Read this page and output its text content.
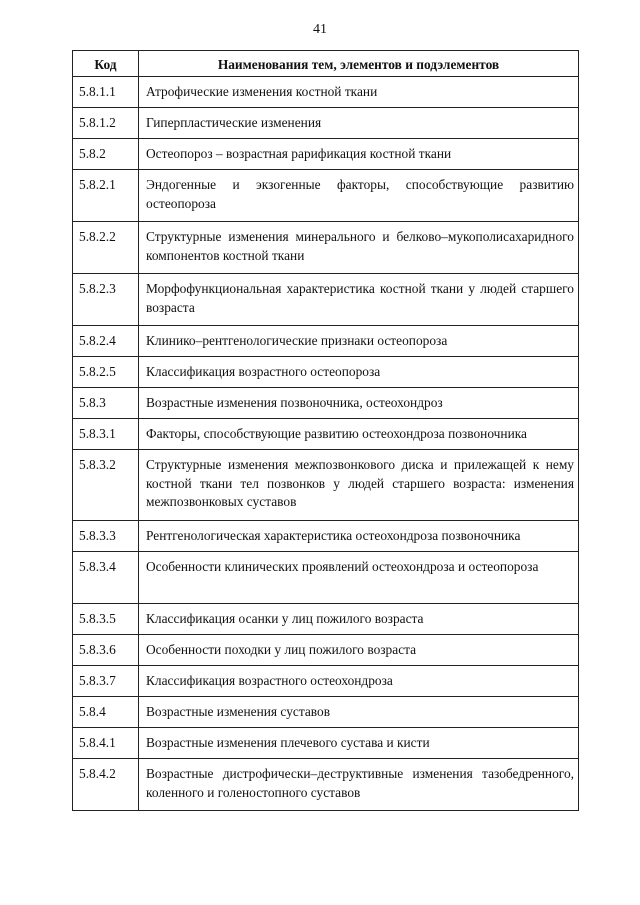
41
Код	Наименования тем, элементов и подэлементов
5.8.1.1	Атрофические изменения костной ткани
5.8.1.2	Гиперпластические изменения
5.8.2	Остеопороз – возрастная рарификация костной ткани
5.8.2.1	Эндогенные и экзогенные факторы, способствующие развитию остеопороза
5.8.2.2	Структурные изменения минерального и белково–мукополисахаридного компонентов костной ткани
5.8.2.3	Морфофункциональная характеристика костной ткани у людей старшего возраста
5.8.2.4	Клинико–рентгенологические признаки остеопороза
5.8.2.5	Классификация возрастного остеопороза
5.8.3	Возрастные изменения позвоночника, остеохондроз
5.8.3.1	Факторы, способствующие развитию остеохондроза позвоночника
5.8.3.2	Структурные изменения межпозвонкового диска и прилежащей к нему костной ткани тел позвонков у людей старшего возраста: изменения межпозвонковых суставов
5.8.3.3	Рентгенологическая характеристика остеохондроза позвоночника
5.8.3.4	Особенности клинических проявлений остеохондроза и остеопороза
5.8.3.5	Классификация осанки у лиц пожилого возраста
5.8.3.6	Особенности походки у лиц пожилого возраста
5.8.3.7	Классификация возрастного остеохондроза
5.8.4	Возрастные изменения суставов
5.8.4.1	Возрастные изменения плечевого сустава и кисти
5.8.4.2	Возрастные дистрофически–деструктивные изменения тазобедренного, коленного и голеностопного суставов
